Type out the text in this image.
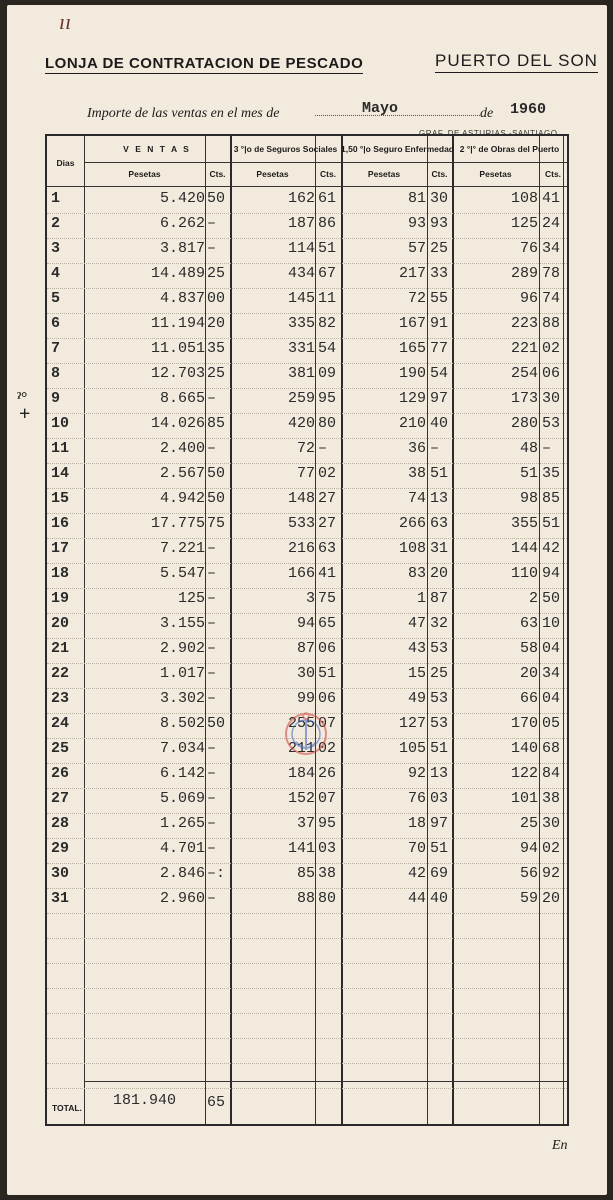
ıı
LONJA DE CONTRATACION DE PESCADO	PUERTO DEL SON
Importe de las ventas en el mes de	Mayo	de 1960
GRAF. DE ASTURIAS.-SANTIAGO
ˀ°
+
Dias
V E N T A S	3 °|o de Seguros Sociales 1,50 °|o Seguro Enfermedad 2 °|° de Obras del Puerto
Pesetas	Cts.	Pesetas	Cts.	Pesetas	Cts.	Pesetas	Cts.
1	5.420 50	162 61	81 30	108 41
2	6.262 –	187 86	93 93	125 24
3	3.817 –	114 51	57 25	76 34
4	14.489 25	434 67	217 33	289 78
5	4.837 00	145 11	72 55	96 74
6	11.194 20	335 82	167 91	223 88
7	11.051 35	331 54	165 77	221 02
8	12.703 25	381 09	190 54	254 06
9	8.665 –	259 95	129 97	173 30
10	14.026 85	420 80	210 40	280 53
11	2.400 –	72 –	36 –	48 –
14	2.567 50	77 02	38 51	51 35
15	4.942 50	148 27	74 13	98 85
16	17.775 75	533 27	266 63	355 51
17	7.221 –	216 63	108 31	144 42
18	5.547 –	166 41	83 20	110 94
19	125 –	3 75	1 87	2 50
20	3.155 –	94 65	47 32	63 10
21	2.902 –	87 06	43 53	58 04
22	1.017 –	30 51	15 25	20 34
23	3.302 –	99 06	49 53	66 04
24	8.502 50	255 07	127 53	170 05
25	7.034 –	211 02	105 51	140 68
26	6.142 –	184 26	92 13	122 84
27	5.069 –	152 07	76 03	101 38
28	1.265 –	37 95	18 97	25 30
29	4.701 –	141 03	70 51	94 02
30	2.846 –:	85 38	42 69	56 92
31	2.960 –	88 80	44 40	59 20
TOTAL. 181.940 65
En
